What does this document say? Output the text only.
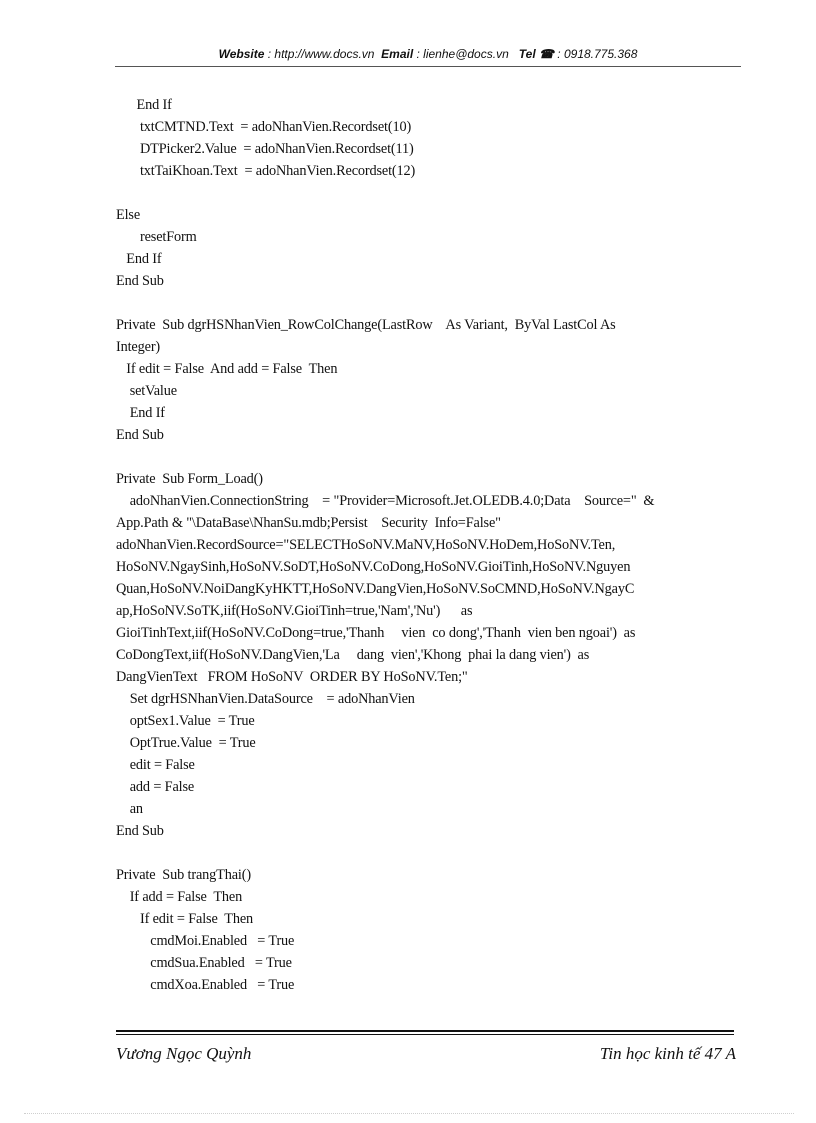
Website : http://www.docs.vn Email : lienhe@docs.vn Tel ☎ : 0918.775.368
End If
txtCMTND.Text  = adoNhanVien.Recordset(10)
DTPicker2.Value  = adoNhanVien.Recordset(11)
txtTaiKhoan.Text  = adoNhanVien.Recordset(12)
Else
resetForm
End If
End Sub
Private  Sub dgrHSNhanVien_RowColChange(LastRow    As Variant,  ByVal LastCol As
Integer)
If edit = False  And add = False  Then
setValue
End If
End Sub
Private  Sub Form_Load()
adoNhanVien.ConnectionString    = "Provider=Microsoft.Jet.OLEDB.4.0;Data    Source="  &
App.Path & "\DataBase\NhanSu.mdb;Persist    Security  Info=False"
adoNhanVien.RecordSource="SELECTHoSoNV.MaNV,HoSoNV.HoDem,HoSoNV.Ten,
HoSoNV.NgaySinh,HoSoNV.SoDT,HoSoNV.CoDong,HoSoNV.GioiTinh,HoSoNV.Nguyen
Quan,HoSoNV.NoiDangKyHKTT,HoSoNV.DangVien,HoSoNV.SoCMND,HoSoNV.NgayC
ap,HoSoNV.SoTK,iif(HoSoNV.GioiTinh=true,'Nam','Nu')      as
GioiTinhText,iif(HoSoNV.CoDong=true,'Thanh     vien  co dong','Thanh  vien ben ngoai')  as
CoDongText,iif(HoSoNV.DangVien,'La     dang  vien','Khong  phai la dang vien')  as
DangVienText   FROM HoSoNV  ORDER BY HoSoNV.Ten;"
Set dgrHSNhanVien.DataSource    = adoNhanVien
optSex1.Value  = True
OptTrue.Value  = True
edit = False
add = False
an
End Sub
Private  Sub trangThai()
If add = False  Then
If edit = False  Then
cmdMoi.Enabled   = True
cmdSua.Enabled   = True
cmdXoa.Enabled   = True
Vương Ngọc Quỳnh	Tin học kinh tế 47 A
